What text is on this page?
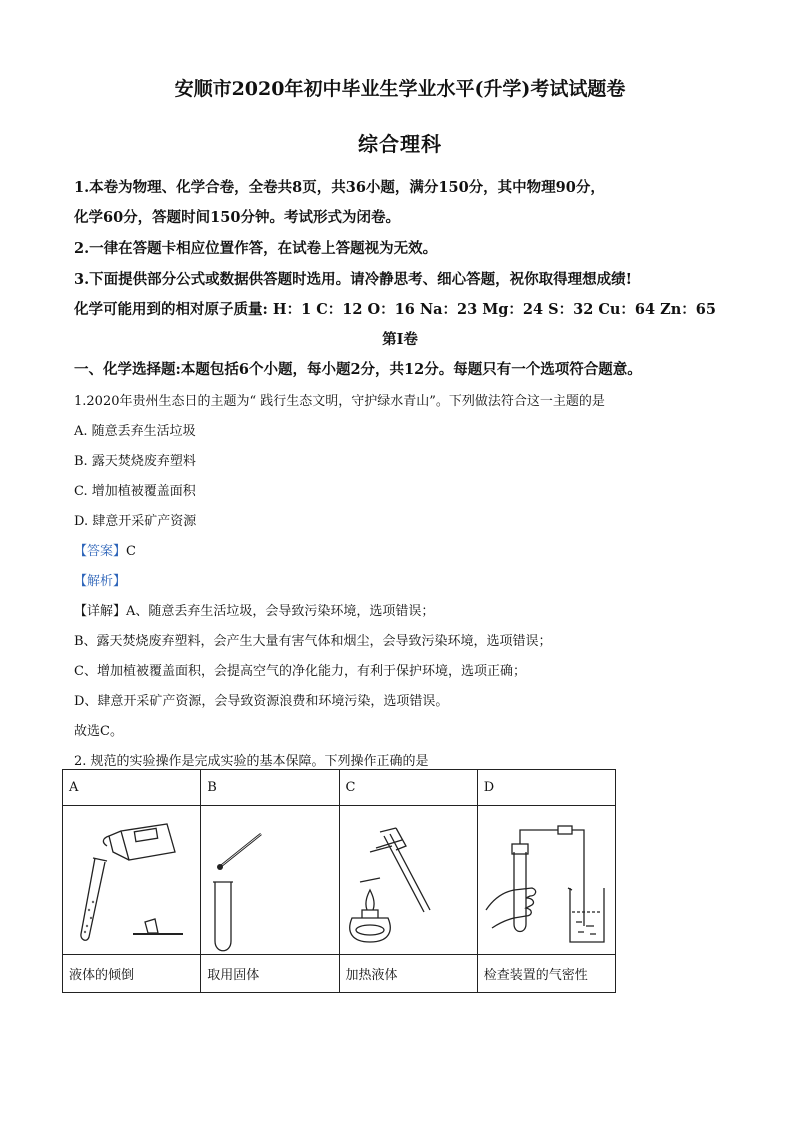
安顺市2020年初中毕业生学业水平(升学)考试试题卷
综合理科
1.本卷为物理、化学合卷，全卷共8页，共36小题，满分150分，其中物理90分，
化学60分，答题时间150分钟。考试形式为闭卷。
2.一律在答题卡相应位置作答，在试卷上答题视为无效。
3.下面提供部分公式或数据供答题时选用。请冷静思考、细心答题，祝你取得理想成绩!
化学可能用到的相对原子质量: H：1 C：12 O：16 Na：23 Mg：24 S：32 Cu：64 Zn：65
第I卷
一、化学选择题:本题包括6个小题，每小题2分，共12分。每题只有一个选项符合题意。
1.2020年贵州生态日的主题为“ 践行生态文明，守护绿水青山”。下列做法符合这一主题的是
A. 随意丢弃生活垃圾
B. 露天焚烧废弃塑料
C. 增加植被覆盖面积
D. 肆意开采矿产资源
【答案】C
【解析】
【详解】A、随意丢弃生活垃圾，会导致污染环境，选项错误；
B、露天焚烧废弃塑料，会产生大量有害气体和烟尘，会导致污染环境，选项错误；
C、增加植被覆盖面积，会提高空气的净化能力，有利于保护环境，选项正确；
D、肆意开采矿产资源，会导致资源浪费和环境污染，选项错误。
故选C。
2. 规范的实验操作是完成实验的基本保障。下列操作正确的是
A	B	C	D

液体的倾倒	取用固体	加热液体	检查装置的气密性
